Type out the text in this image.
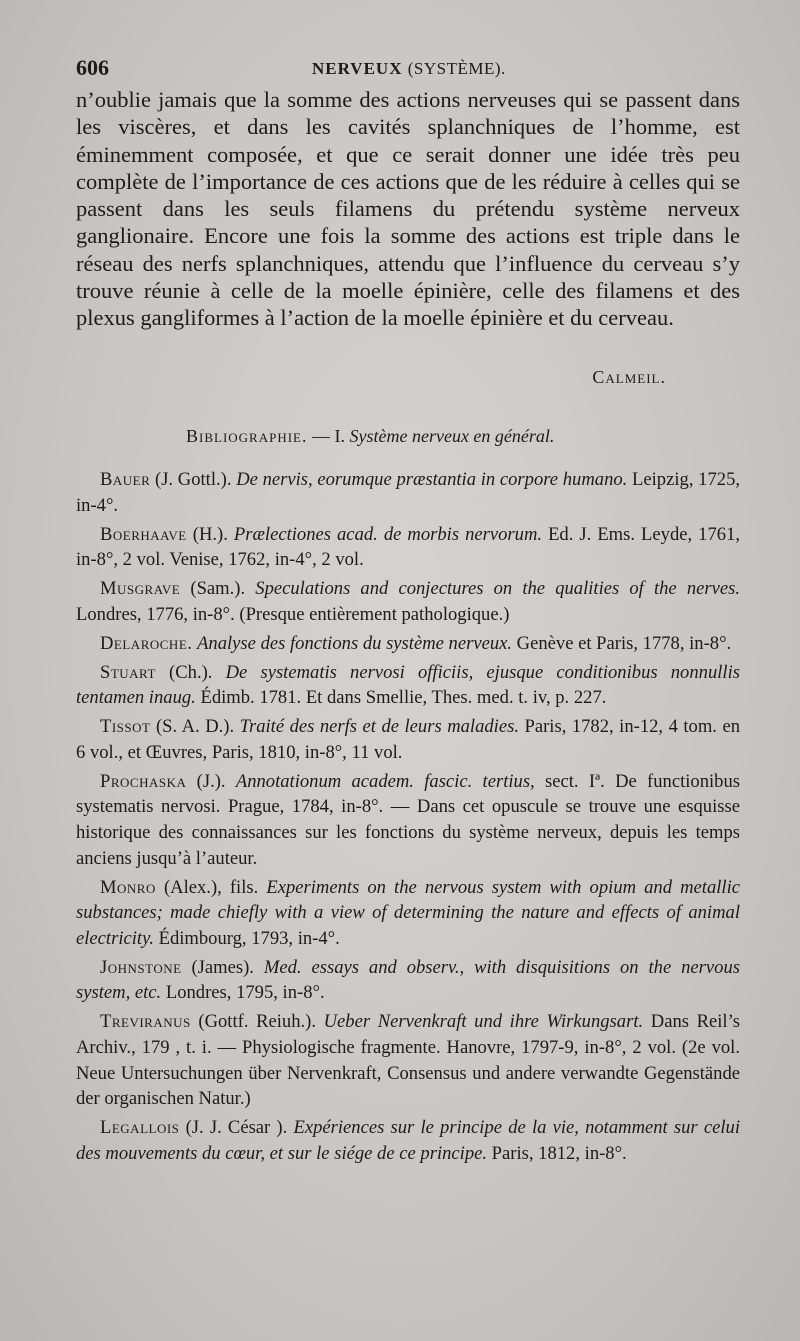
606	NERVEUX (SYSTÈME).

n’oublie jamais que la somme des actions nerveuses qui se passent dans les viscères, et dans les cavités splanchniques de l’homme, est éminemment composée, et que ce serait donner une idée très peu complète de l’importance de ces actions que de les réduire à celles qui se passent dans les seuls filamens du prétendu système nerveux ganglionaire. Encore une fois la somme des actions est triple dans le réseau des nerfs splanchniques, attendu que l’influence du cerveau s’y trouve réunie à celle de la moelle épinière, celle des filamens et des plexus gangliformes à l’action de la moelle épinière et du cerveau.

Calmeil.
Bibliographie. — I. Système nerveux en général.

Bauer (J. Gottl.). De nervis, eorumque præstantia in corpore humano. Leipzig, 1725, in-4°.

Boerhaave (H.). Prælectiones acad. de morbis nervorum. Ed. J. Ems. Leyde, 1761, in-8°, 2 vol. Venise, 1762, in-4°, 2 vol.

Musgrave (Sam.). Speculations and conjectures on the qualities of the nerves. Londres, 1776, in-8°. (Presque entièrement pathologique.)

Delaroche. Analyse des fonctions du système nerveux. Genève et Paris, 1778, in-8°.

Stuart (Ch.). De systematis nervosi officiis, ejusque conditionibus nonnullis tentamen inaug. Édimb. 1781. Et dans Smellie, Thes. med. t. iv, p. 227.

Tissot (S. A. D.). Traité des nerfs et de leurs maladies. Paris, 1782, in-12, 4 tom. en 6 vol., et Œuvres, Paris, 1810, in-8°, 11 vol.

Prochaska (J.). Annotationum academ. fascic. tertius, sect. Iª. De functionibus systematis nervosi. Prague, 1784, in-8°. — Dans cet opuscule se trouve une esquisse historique des connaissances sur les fonctions du système nerveux, depuis les temps anciens jusqu’à l’auteur.

Monro (Alex.), fils. Experiments on the nervous system with opium and metallic substances; made chiefly with a view of determining the nature and effects of animal electricity. Édimbourg, 1793, in-4°.

Johnstone (James). Med. essays and observ., with disquisitions on the nervous system, etc. Londres, 1795, in-8°.

Treviranus (Gottf. Reiuh.). Ueber Nervenkraft und ihre Wirkungsart. Dans Reil’s Archiv., 179 , t. i. — Physiologische fragmente. Hanovre, 1797-9, in-8°, 2 vol. (2e vol. Neue Untersuchungen über Nervenkraft, Consensus und andere verwandte Gegenstände der organischen Natur.)

Legallois (J. J. César ). Expériences sur le principe de la vie, notamment sur celui des mouvements du cœur, et sur le siége de ce principe. Paris, 1812, in-8°.
